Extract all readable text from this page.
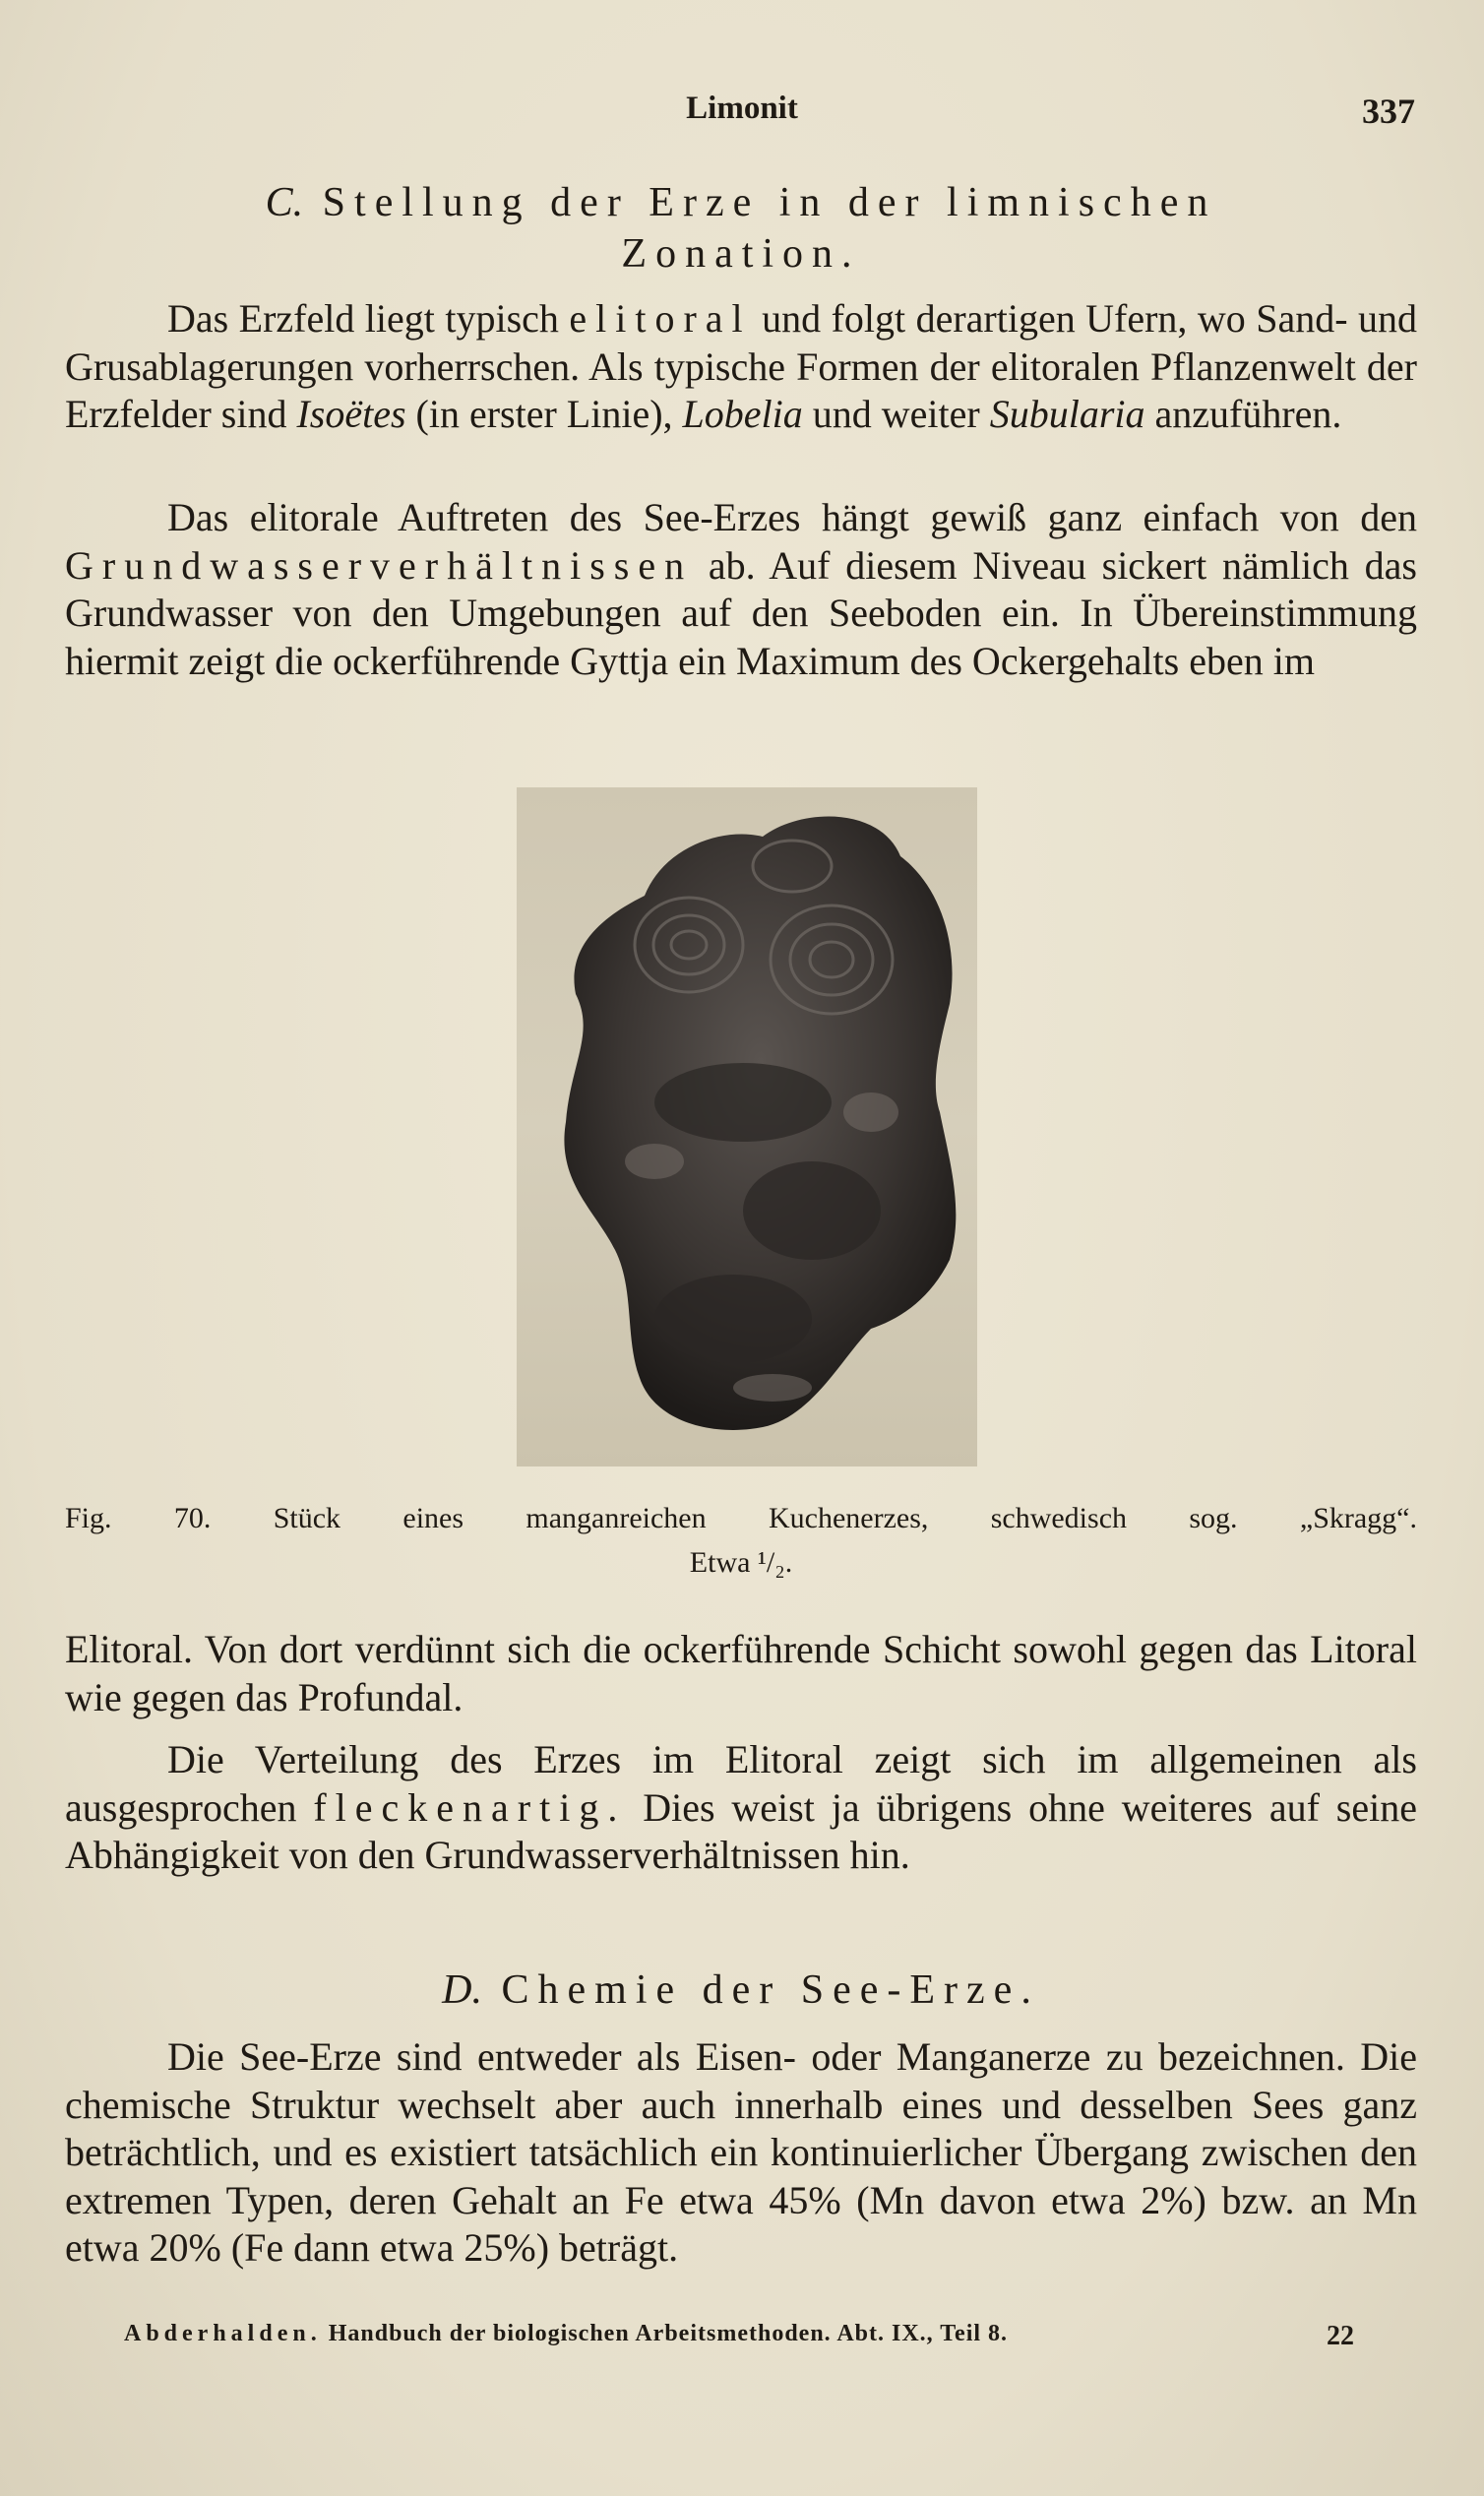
Limonit	337
C. Stellung der Erze in der limnischen
Zonation.

Das Erzfeld liegt typisch elitoral und folgt derartigen Ufern, wo Sand- und Grusablagerungen vorherrschen. Als typische Formen der elitoralen Pflanzenwelt der Erzfelder sind Isoëtes (in erster Linie), Lobelia und weiter Subularia anzuführen.

Das elitorale Auftreten des See-Erzes hängt gewiß ganz einfach von den Grundwasserverhältnissen ab. Auf diesem Niveau sickert nämlich das Grundwasser von den Umgebungen auf den Seeboden ein. In Übereinstimmung hiermit zeigt die ockerführende Gyttja ein Maximum des Ockergehalts eben im

Fig. 70. Stück eines manganreichen Kuchenerzes, schwedisch sog. „Skragg“.
Etwa ¹/₂.

Elitoral. Von dort verdünnt sich die ockerführende Schicht sowohl gegen das Litoral wie gegen das Profundal.

Die Verteilung des Erzes im Elitoral zeigt sich im allgemeinen als ausgesprochen fleckenartig. Dies weist ja übrigens ohne weiteres auf seine Abhängigkeit von den Grundwasserverhältnissen hin.

D. Chemie der See-Erze.

Die See-Erze sind entweder als Eisen- oder Manganerze zu bezeichnen. Die chemische Struktur wechselt aber auch innerhalb eines und desselben Sees ganz beträchtlich, und es existiert tatsächlich ein kontinuierlicher Übergang zwischen den extremen Typen, deren Gehalt an Fe etwa 45% (Mn davon etwa 2%) bzw. an Mn etwa 20% (Fe dann etwa 25%) beträgt.

Abderhalden. Handbuch der biologischen Arbeitsmethoden. Abt. IX., Teil 8.	22
